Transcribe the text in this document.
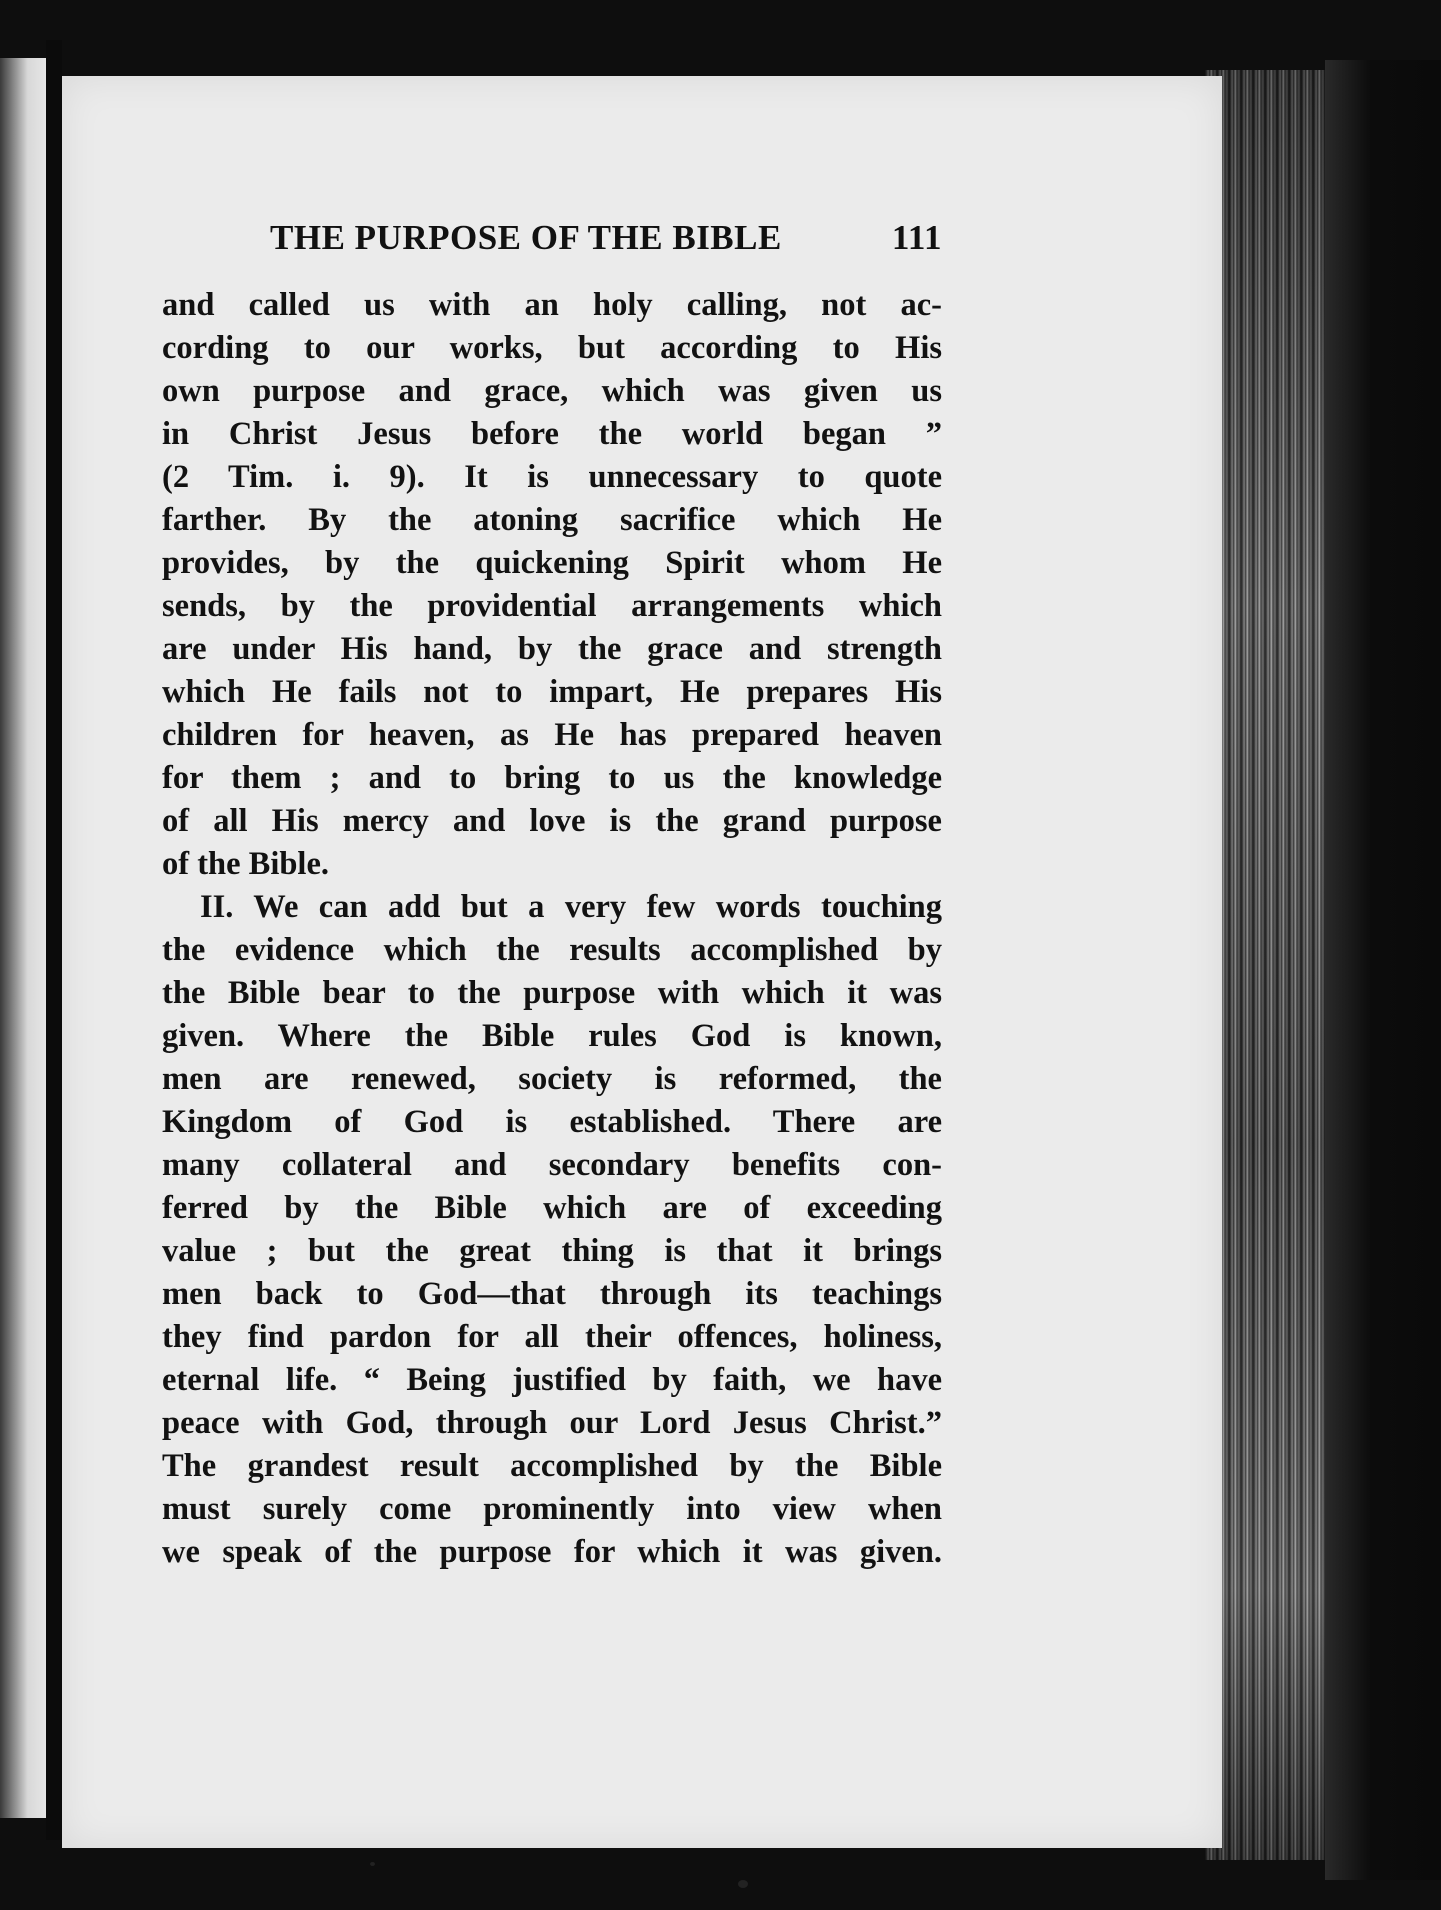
THE PURPOSE OF THE BIBLE	111
and called us with an holy calling, not ac-
cording to our works, but according to His
own purpose and grace, which was given us
in Christ Jesus before the world began ”
(2 Tim. i. 9). It is unnecessary to quote
farther. By the atoning sacrifice which He
provides, by the quickening Spirit whom He
sends, by the providential arrangements which
are under His hand, by the grace and strength
which He fails not to impart, He prepares His
children for heaven, as He has prepared heaven
for them ; and to bring to us the knowledge
of all His mercy and love is the grand purpose
of the Bible.
II. We can add but a very few words touching
the evidence which the results accomplished by
the Bible bear to the purpose with which it was
given. Where the Bible rules God is known,
men are renewed, society is reformed, the
Kingdom of God is established. There are
many collateral and secondary benefits con-
ferred by the Bible which are of exceeding
value ; but the great thing is that it brings
men back to God—that through its teachings
they find pardon for all their offences, holiness,
eternal life. “ Being justified by faith, we have
peace with God, through our Lord Jesus Christ.”
The grandest result accomplished by the Bible
must surely come prominently into view when
we speak of the purpose for which it was given.
